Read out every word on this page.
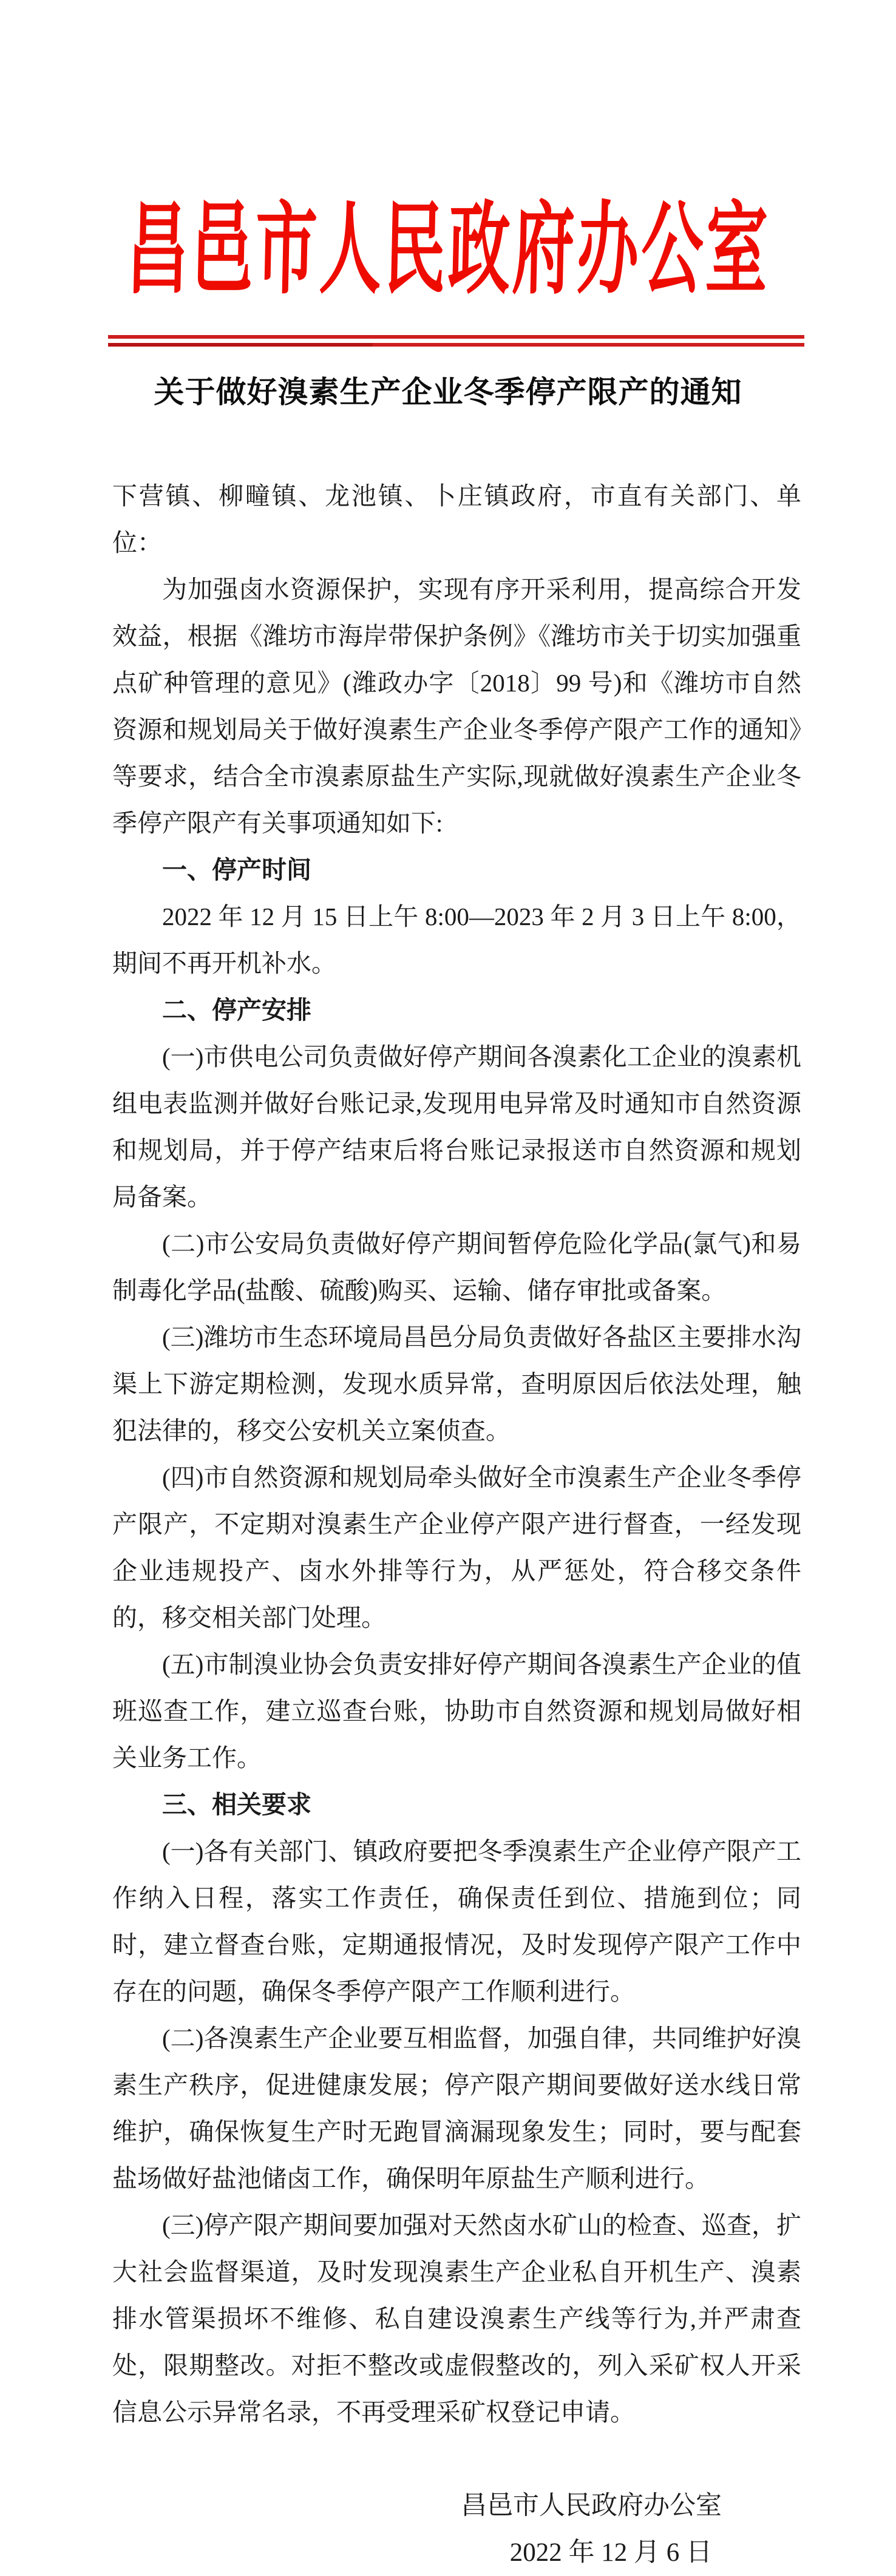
昌邑市人民政府办公室
关于做好溴素生产企业冬季停产限产的通知

下营镇、柳疃镇、龙池镇、卜庄镇政府，市直有关部门、单位：

为加强卤水资源保护，实现有序开采利用，提高综合开发效益，根据《潍坊市海岸带保护条例》《潍坊市关于切实加强重点矿种管理的意见》(潍政办字〔2018〕99 号)和《潍坊市自然资源和规划局关于做好溴素生产企业冬季停产限产工作的通知》等要求，结合全市溴素原盐生产实际,现就做好溴素生产企业冬季停产限产有关事项通知如下:

一、停产时间

2022 年 12 月 15 日上午 8:00—2023 年 2 月 3 日上午 8:00，期间不再开机补水。

二、停产安排

(一)市供电公司负责做好停产期间各溴素化工企业的溴素机组电表监测并做好台账记录,发现用电异常及时通知市自然资源和规划局，并于停产结束后将台账记录报送市自然资源和规划局备案。

(二)市公安局负责做好停产期间暂停危险化学品(氯气)和易制毒化学品(盐酸、硫酸)购买、运输、储存审批或备案。

(三)潍坊市生态环境局昌邑分局负责做好各盐区主要排水沟渠上下游定期检测，发现水质异常，查明原因后依法处理，触犯法律的，移交公安机关立案侦查。

(四)市自然资源和规划局牵头做好全市溴素生产企业冬季停产限产，不定期对溴素生产企业停产限产进行督查，一经发现企业违规投产、卤水外排等行为，从严惩处，符合移交条件的，移交相关部门处理。

(五)市制溴业协会负责安排好停产期间各溴素生产企业的值班巡查工作，建立巡查台账，协助市自然资源和规划局做好相关业务工作。

三、相关要求

(一)各有关部门、镇政府要把冬季溴素生产企业停产限产工作纳入日程，落实工作责任，确保责任到位、措施到位；同时，建立督查台账，定期通报情况，及时发现停产限产工作中存在的问题，确保冬季停产限产工作顺利进行。

(二)各溴素生产企业要互相监督，加强自律，共同维护好溴素生产秩序，促进健康发展；停产限产期间要做好送水线日常维护，确保恢复生产时无跑冒滴漏现象发生；同时，要与配套盐场做好盐池储卤工作，确保明年原盐生产顺利进行。

(三)停产限产期间要加强对天然卤水矿山的检查、巡查，扩大社会监督渠道，及时发现溴素生产企业私自开机生产、溴素排水管渠损坏不维修、私自建设溴素生产线等行为,并严肃查处，限期整改。对拒不整改或虚假整改的，列入采矿权人开采信息公示异常名录，不再受理采矿权登记申请。

昌邑市人民政府办公室
2022 年 12 月 6 日
